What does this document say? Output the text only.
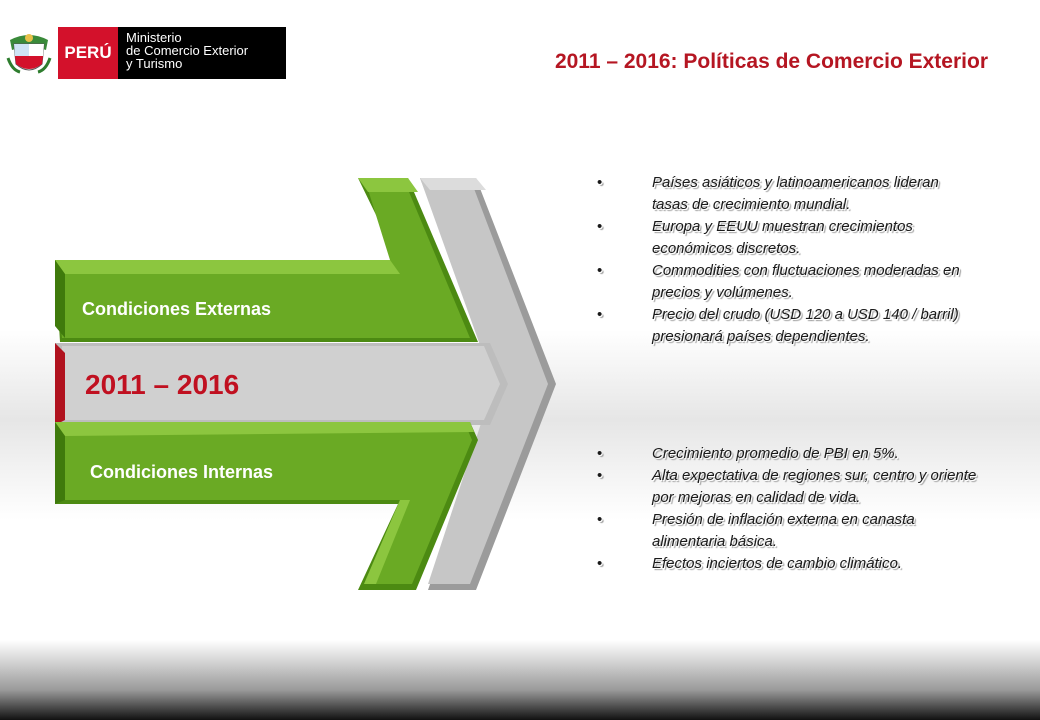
PERÚ
Ministerio
de Comercio Exterior
y Turismo	2011 – 2016: Políticas de Comercio Exterior
Condiciones Externas
2011 – 2016
Condiciones Internas
•	Países asiáticos y latinoamericanos lideran tasas de crecimiento mundial.
•	Europa y EEUU muestran crecimientos económicos discretos.
•	Commodities con fluctuaciones moderadas en precios y volúmenes.
•	Precio del crudo (USD 120 a USD 140 / barril) presionará países dependientes.
•	Crecimiento promedio de PBI en 5%.
•	Alta expectativa de regiones sur, centro y oriente por mejoras en calidad de vida.
•	Presión de inflación externa en canasta alimentaria básica.
•	Efectos inciertos de cambio climático.
